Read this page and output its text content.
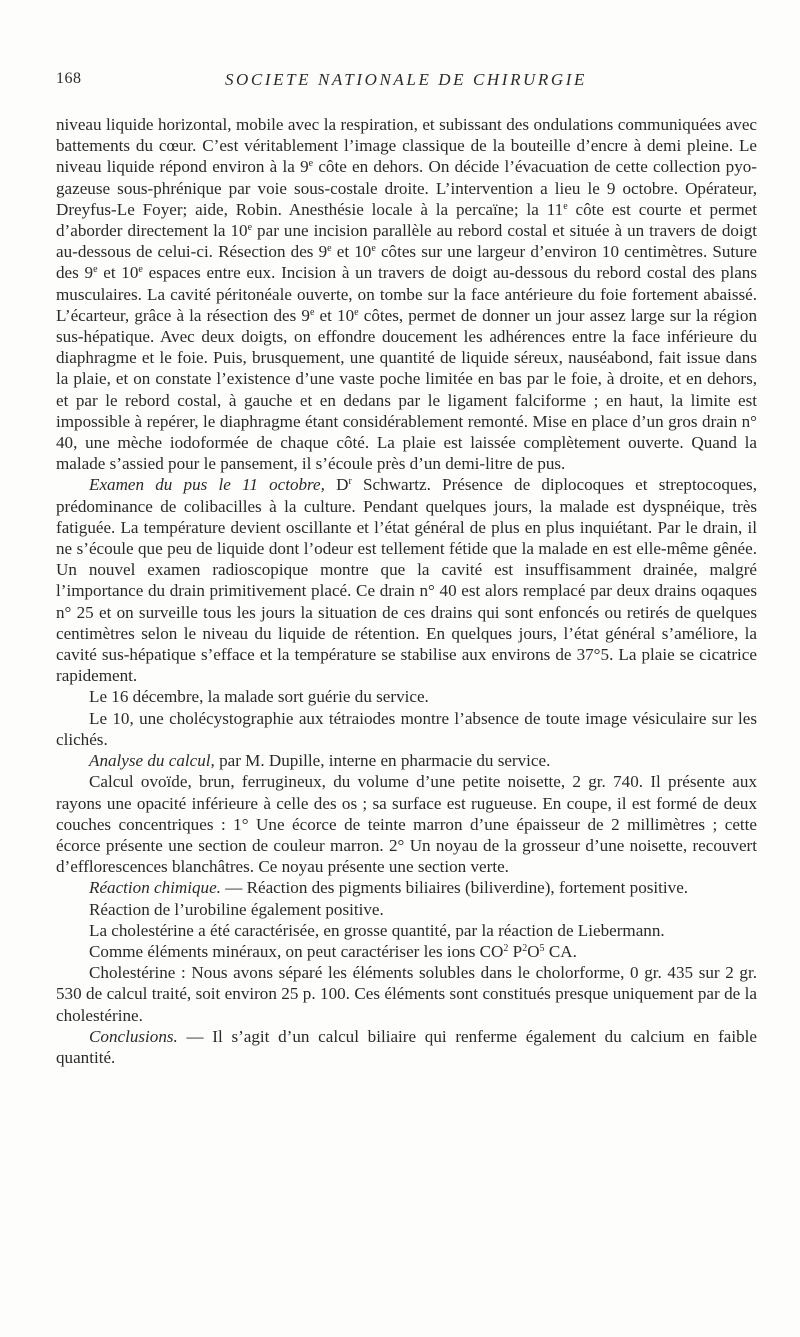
168	SOCIETE NATIONALE DE CHIRURGIE

niveau liquide horizontal, mobile avec la respiration, et subissant des ondulations communiquées avec battements du cœur. C’est véritablement l’image classique de la bouteille d’encre à demi pleine. Le niveau liquide répond environ à la 9e côte en dehors. On décide l’évacuation de cette collection pyo-gazeuse sous-phrénique par voie sous-costale droite. L’intervention a lieu le 9 octobre. Opérateur, Dreyfus-Le Foyer; aide, Robin. Anesthésie locale à la percaïne; la 11e côte est courte et permet d’aborder directement la 10e par une incision parallèle au rebord costal et située à un travers de doigt au-dessous de celui-ci. Résection des 9e et 10e côtes sur une largeur d’environ 10 centimètres. Suture des 9e et 10e espaces entre eux. Incision à un travers de doigt au-dessous du rebord costal des plans musculaires. La cavité péritonéale ouverte, on tombe sur la face antérieure du foie fortement abaissé. L’écarteur, grâce à la résection des 9e et 10e côtes, permet de donner un jour assez large sur la région sus-hépatique. Avec deux doigts, on effondre doucement les adhérences entre la face inférieure du diaphragme et le foie. Puis, brusquement, une quantité de liquide séreux, nauséabond, fait issue dans la plaie, et on constate l’existence d’une vaste poche limitée en bas par le foie, à droite, et en dehors, et par le rebord costal, à gauche et en dedans par le ligament falciforme ; en haut, la limite est impossible à repérer, le diaphragme étant considérablement remonté. Mise en place d’un gros drain n° 40, une mèche iodoformée de chaque côté. La plaie est laissée complètement ouverte. Quand la malade s’assied pour le pansement, il s’écoule près d’un demi-litre de pus.

Examen du pus le 11 octobre, $D^r$ Schwartz. Présence de diplocoques et streptocoques, prédominance de colibacilles à la culture. Pendant quelques jours, la malade est dyspnéique, très fatiguée. La température devient oscillante et l’état général de plus en plus inquiétant. Par le drain, il ne s’écoule que peu de liquide dont l’odeur est tellement fétide que la malade en est elle-même gênée. Un nouvel examen radioscopique montre que la cavité est insuffisamment drainée, malgré l’importance du drain primitivement placé. Ce drain n° 40 est alors remplacé par deux drains oqaques n° 25 et on surveille tous les jours la situation de ces drains qui sont enfoncés ou retirés de quelques centimètres selon le niveau du liquide de rétention. En quelques jours, l’état général s’améliore, la cavité sus-hépatique s’efface et la température se stabilise aux environs de 37°5. La plaie se cicatrice rapidement.

Le 16 décembre, la malade sort guérie du service.

Le 10, une cholécystographie aux tétraiodes montre l’absence de toute image vésiculaire sur les clichés.

Analyse du calcul, par M. Dupille, interne en pharmacie du service.

Calcul ovoïde, brun, ferrugineux, du volume d’une petite noisette, 2 gr. 740. Il présente aux rayons une opacité inférieure à celle des os ; sa surface est rugueuse. En coupe, il est formé de deux couches concentriques : 1° Une écorce de teinte marron d’une épaisseur de 2 millimètres ; cette écorce présente une section de couleur marron. 2° Un noyau de la grosseur d’une noisette, recouvert d’efflorescences blanchâtres. Ce noyau présente une section verte.

Réaction chimique. — Réaction des pigments biliaires (biliverdine), fortement positive.

Réaction de l’urobiline également positive.

La cholestérine a été caractérisée, en grosse quantité, par la réaction de Liebermann.

Comme éléments minéraux, on peut caractériser les ions $CO^2$ $P^2O^5$ CA.

Cholestérine : Nous avons séparé les éléments solubles dans le cholorforme, 0 gr. 435 sur 2 gr. 530 de calcul traité, soit environ 25 p. 100. Ces éléments sont constitués presque uniquement par de la cholestérine.

Conclusions. — Il s’agit d’un calcul biliaire qui renferme également du calcium en faible quantité.
